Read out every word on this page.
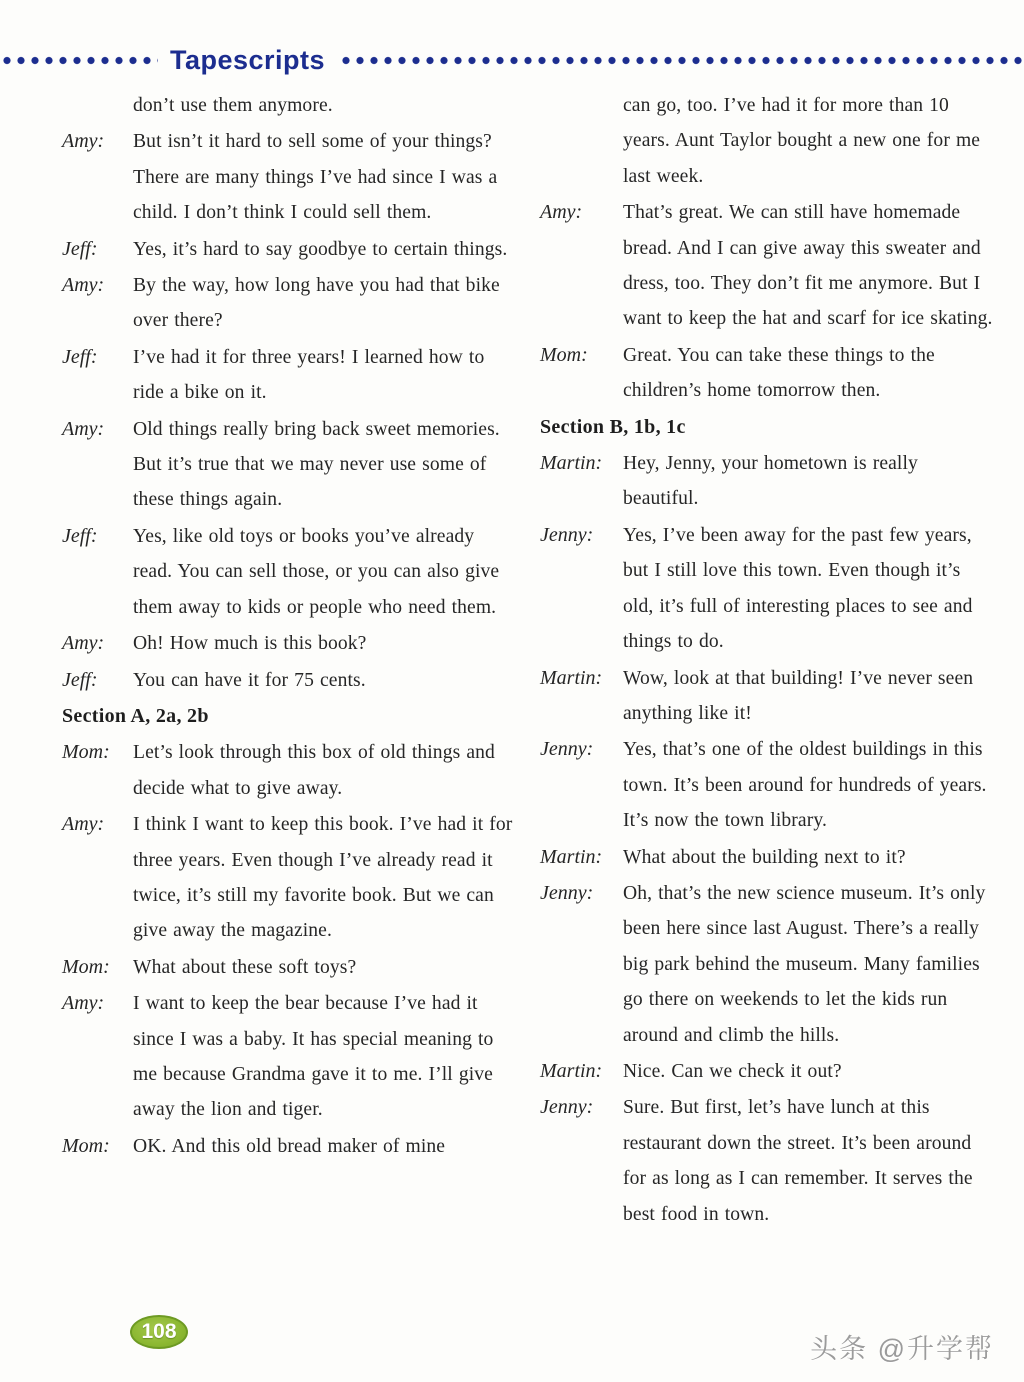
Tapescripts
don’t use them anymore.
Amy:	But isn’t it hard to sell some of your things? There are many things I’ve had since I was a child. I don’t think I could sell them.
Jeff:	Yes, it’s hard to say goodbye to certain things.
Amy:	By the way, how long have you had that bike over there?
Jeff:	I’ve had it for three years! I learned how to ride a bike on it.
Amy:	Old things really bring back sweet memories. But it’s true that we may never use some of these things again.
Jeff:	Yes, like old toys or books you’ve already read. You can sell those, or you can also give them away to kids or people who need them.
Amy:	Oh! How much is this book?
Jeff:	You can have it for 75 cents.
Section A, 2a, 2b
Mom:	Let’s look through this box of old things and decide what to give away.
Amy:	I think I want to keep this book. I’ve had it for three years. Even though I’ve already read it twice, it’s still my favorite book. But we can give away the magazine.
Mom:	What about these soft toys?
Amy:	I want to keep the bear because I’ve had it since I was a baby. It has special meaning to me because Grandma gave it to me. I’ll give away the lion and tiger.
Mom:	OK. And this old bread maker of mine
can go, too. I’ve had it for more than 10 years. Aunt Taylor bought a new one for me last week.
Amy:	That’s great. We can still have homemade bread. And I can give away this sweater and dress, too. They don’t fit me anymore. But I want to keep the hat and scarf for ice skating.
Mom:	Great. You can take these things to the children’s home tomorrow then.
Section B, 1b, 1c
Martin:	Hey, Jenny, your hometown is really beautiful.
Jenny:	Yes, I’ve been away for the past few years, but I still love this town. Even though it’s old, it’s full of interesting places to see and things to do.
Martin:	Wow, look at that building! I’ve never seen anything like it!
Jenny:	Yes, that’s one of the oldest buildings in this town. It’s been around for hundreds of years. It’s now the town library.
Martin:	What about the building next to it?
Jenny:	Oh, that’s the new science museum. It’s only been here since last August. There’s a really big park behind the museum. Many families go there on weekends to let the kids run around and climb the hills.
Martin:	Nice. Can we check it out?
Jenny:	Sure. But first, let’s have lunch at this restaurant down the street. It’s been around for as long as I can remember. It serves the best food in town.
108
头条 @升学帮
